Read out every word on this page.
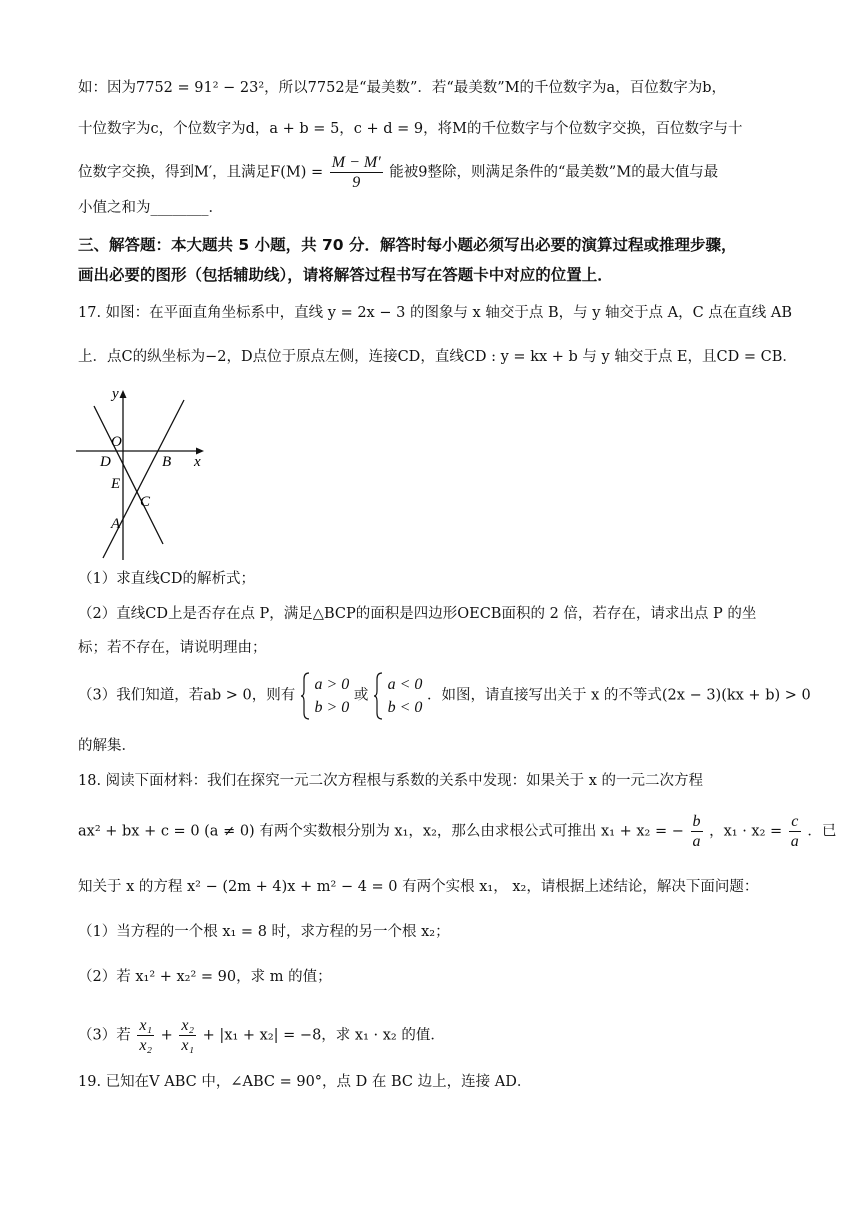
如：因为7752 = 91² − 23²，所以7752是“最美数”．若“最美数”M的千位数字为a，百位数字为b，
十位数字为c，个位数字为d，a + b = 5，c + d = 9，将M的千位数字与个位数字交换，百位数字与十
位数字交换，得到M′，且满足$F(M) = \frac{M - M'}{9}$ 能被9整除，则满足条件的“最美数”M的最大值与最
小值之和为________．
三、解答题：本大题共 5 小题，共 70 分．解答时每小题必须写出必要的演算过程或推理步骤，
画出必要的图形（包括辅助线），请将解答过程书写在答题卡中对应的位置上．
17. 如图：在平面直角坐标系中，直线 y = 2x − 3 的图象与 x 轴交于点 B，与 y 轴交于点 A，C 点在直线 AB
上．点C的纵坐标为−2，D点位于原点左侧，连接CD，直线CD : y = kx + b 与 y 轴交于点 E，且CD = CB．
y
x
O
D	B
E
C
A
（1）求直线CD的解析式；
（2）直线CD上是否存在点 P，满足△BCP的面积是四边形OECB面积的 2 倍，若存在，请求出点 P 的坐
标；若不存在，请说明理由；
（3）我们知道，若ab > 0，则有
a > 0
b > 0
或
a < 0
b < 0
．如图，请直接写出关于 x 的不等式(2x − 3)(kx + b) > 0
的解集．
18. 阅读下面材料：我们在探究一元二次方程根与系数的关系中发现：如果关于 x 的一元二次方程
ax² + bx + c = 0 (a ≠ 0) 有两个实数根分别为 x₁，x₂，那么由求根公式可推出 x₁ + x₂ = − $\frac{b}{a}$ ，$x_1 \cdot x_2 = \frac{c}{a}$ ．已
知关于 x 的方程 x² − (2m + 4)x + m² − 4 = 0 有两个实根 x₁， x₂，请根据上述结论，解决下面问题：
（1）当方程的一个根 x₁ = 8 时，求方程的另一个根 x₂；
（2）若 x₁² + x₂² = 90，求 m 的值；
（3）若 $\frac{\text{x₁}}{\text{x₂}} + \frac{\text{x₂}}{\text{x₁}} + |x_1 + x_2| = -8$，求 x₁ · x₂ 的值．
19. 已知在V ABC 中，∠ABC = 90°，点 D 在 BC 边上，连接 AD．
